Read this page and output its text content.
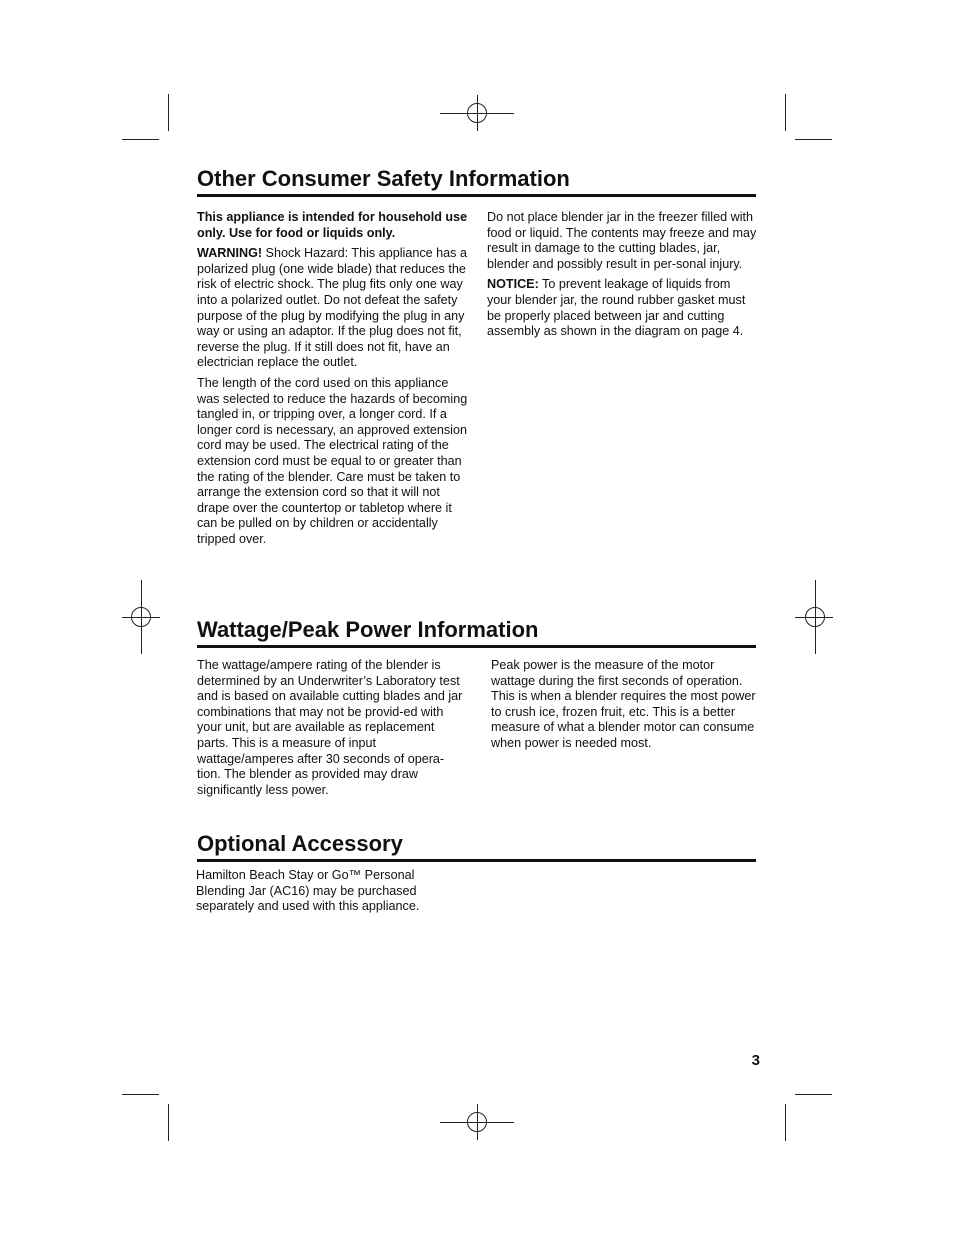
Other Consumer Safety Information

This appliance is intended for household use only. Use for food or liquids only.

WARNING! Shock Hazard: This appliance has a polarized plug (one wide blade) that reduces the risk of electric shock. The plug fits only one way into a polarized outlet. Do not defeat the safety purpose of the plug by modifying the plug in any way or using an adaptor. If the plug does not fit, reverse the plug. If it still does not fit, have an electrician replace the outlet.

The length of the cord used on this appliance was selected to reduce the hazards of becoming tangled in, or tripping over, a longer cord. If a longer cord is necessary, an approved extension cord may be used. The electrical rating of the extension cord must be equal to or greater than the rating of the blender. Care must be taken to arrange the extension cord so that it will not drape over the countertop or tabletop where it can be pulled on by children or accidentally tripped over.

Do not place blender jar in the freezer filled with food or liquid. The contents may freeze and may result in damage to the cutting blades, jar, blender and possibly result in per-sonal injury.

NOTICE: To prevent leakage of liquids from your blender jar, the round rubber gasket must be properly placed between jar and cutting assembly as shown in the diagram on page 4.

Wattage/Peak Power Information

The wattage/ampere rating of the blender is determined by an Underwriter’s Laboratory test and is based on available cutting blades and jar combinations that may not be provid-ed with your unit, but are available as replacement parts. This is a measure of input wattage/amperes after 30 seconds of opera-tion. The blender as provided may draw significantly less power.

Peak power is the measure of the motor wattage during the first seconds of operation. This is when a blender requires the most power to crush ice, frozen fruit, etc. This is a better measure of what a blender motor can consume when power is needed most.

Optional Accessory

Hamilton Beach Stay or Go™ Personal Blending Jar (AC16) may be purchased separately and used with this appliance.

3
